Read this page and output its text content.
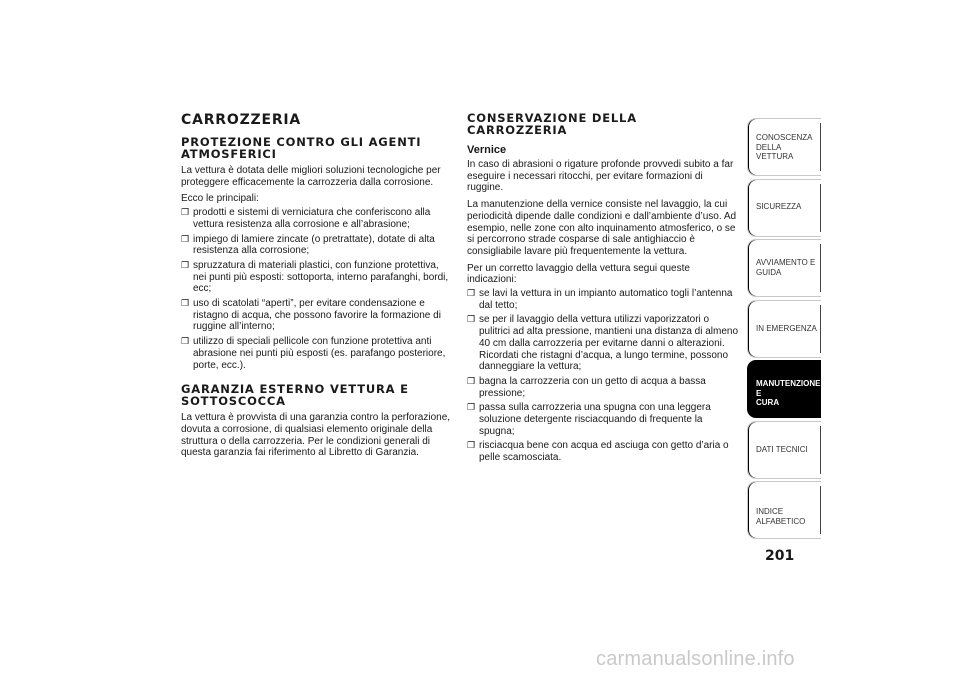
CARROZZERIA
PROTEZIONE CONTRO GLI AGENTI
ATMOSFERICI

La vettura è dotata delle migliori soluzioni tecnologiche per proteggere efficacemente la carrozzeria dalla corrosione.

Ecco le principali:

❒ prodotti e sistemi di verniciatura che conferiscono alla vettura resistenza alla corrosione e all’abrasione;
❒ impiego di lamiere zincate (o pretrattate), dotate di alta resistenza alla corrosione;
❒ spruzzatura di materiali plastici, con funzione protettiva, nei punti più esposti: sottoporta, interno parafanghi, bordi, ecc;
❒ uso di scatolati “aperti”, per evitare condensazione e ristagno di acqua, che possono favorire la formazione di ruggine all’interno;
❒ utilizzo di speciali pellicole con funzione protettiva anti abrasione nei punti più esposti (es. parafango posteriore, porte, ecc.).
GARANZIA ESTERNO VETTURA E
SOTTOSCOCCA

La vettura è provvista di una garanzia contro la perforazione, dovuta a corrosione, di qualsiasi elemento originale della struttura o della carrozzeria. Per le condizioni generali di questa garanzia fai riferimento al Libretto di Garanzia.

CONSERVAZIONE DELLA
CARROZZERIA
Vernice

In caso di abrasioni o rigature profonde provvedi subito a far eseguire i necessari ritocchi, per evitare formazioni di ruggine.

La manutenzione della vernice consiste nel lavaggio, la cui periodicità dipende dalle condizioni e dall’ambiente d’uso. Ad esempio, nelle zone con alto inquinamento atmosferico, o se si percorrono strade cosparse di sale antighiaccio è consigliabile lavare più frequentemente la vettura.

Per un corretto lavaggio della vettura segui queste indicazioni:

❒ se lavi la vettura in un impianto automatico togli l’antenna dal tetto;
❒ se per il lavaggio della vettura utilizzi vaporizzatori o pulitrici ad alta pressione, mantieni una distanza di almeno 40 cm dalla carrozzeria per evitarne danni o alterazioni. Ricordati che ristagni d’acqua, a lungo termine, possono danneggiare la vettura;
❒ bagna la carrozzeria con un getto di acqua a bassa pressione;
❒ passa sulla carrozzeria una spugna con una leggera soluzione detergente risciacquando di frequente la spugna;
❒ risciacqua bene con acqua ed asciuga con getto d’aria o pelle scamosciata.
CONOSCENZA
DELLA VETTURA
SICUREZZA
AVVIAMENTO E
GUIDA
IN EMERGENZA
MANUTENZIONE E
CURA
DATI TECNICI
INDICE ALFABETICO
201
carmanualsonline.info
